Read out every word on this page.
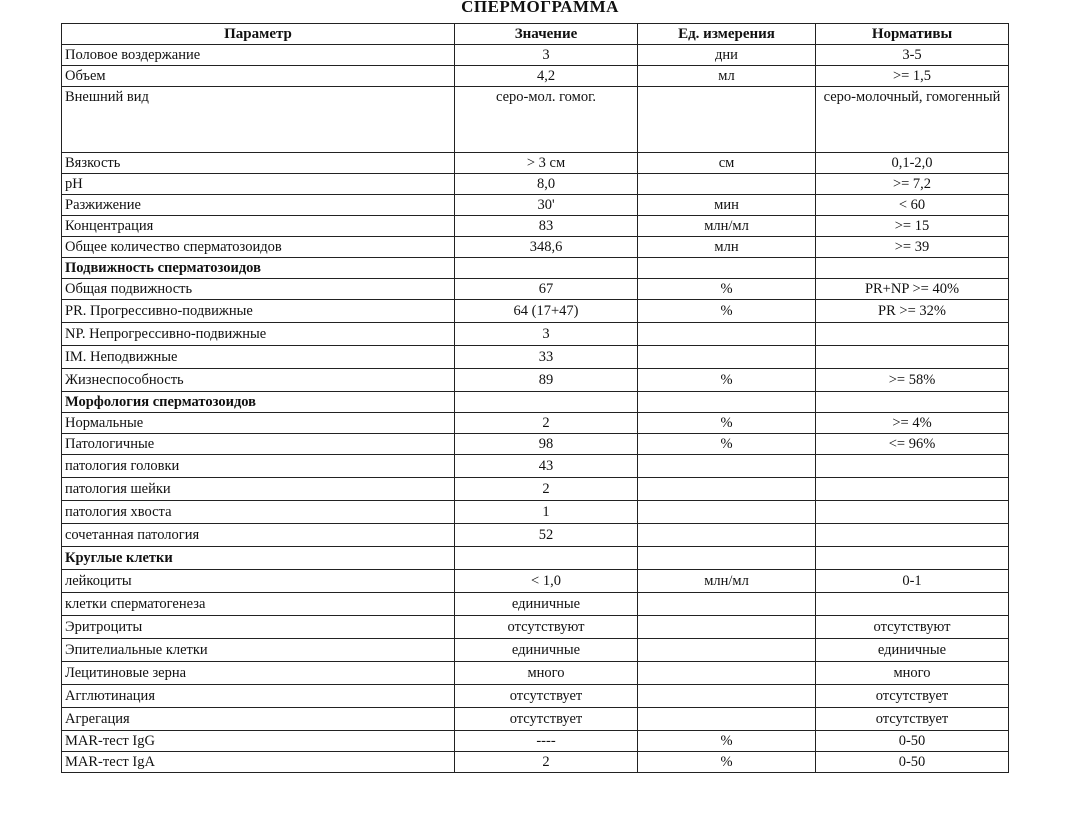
СПЕРМОГРАММА
Параметр	Значение	Ед. измерения	Нормативы
Половое воздержание	3	дни	3-5
Объем	4,2	мл	>= 1,5
Внешний вид	серо-мол. гомог.		серо-молочный, гомогенный
Вязкость	> 3 см	см	0,1-2,0
pH	8,0		>= 7,2
Разжижение	30'	мин	< 60
Концентрация	83	млн/мл	>= 15
Общее количество сперматозоидов	348,6	млн	>= 39
Подвижность сперматозоидов			
Общая подвижность	67	%	PR+NP >= 40%
PR. Прогрессивно-подвижные	64 (17+47)	%	PR >= 32%
NP. Непрогрессивно-подвижные	3		
IM. Неподвижные	33		
Жизнеспособность	89	%	>= 58%
Морфология сперматозоидов			
Нормальные	2	%	>= 4%
Патологичные	98	%	<= 96%
патология головки	43		
патология шейки	2		
патология хвоста	1		
сочетанная патология	52		
Круглые клетки			
лейкоциты	< 1,0	млн/мл	0-1
клетки сперматогенеза	единичные		
Эритроциты	отсутствуют		отсутствуют
Эпителиальные клетки	единичные		единичные
Лецитиновые зерна	много		много
Агглютинация	отсутствует		отсутствует
Агрегация	отсутствует		отсутствует
MAR-тест IgG	----	%	0-50
MAR-тест IgA	2	%	0-50
